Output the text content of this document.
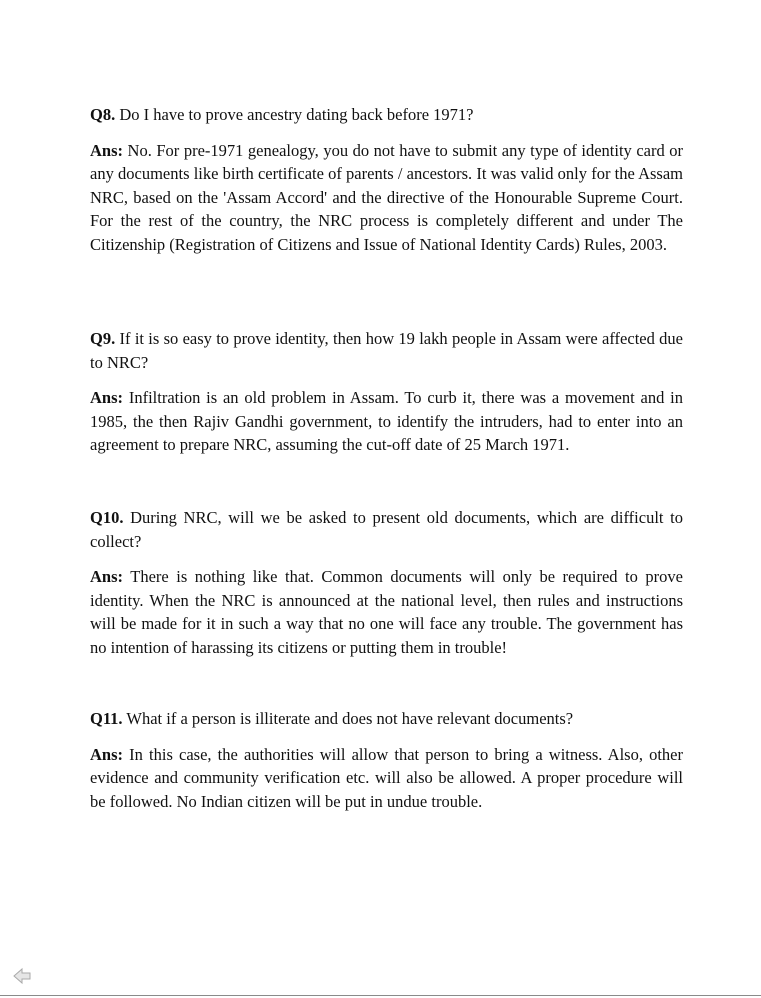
Q8. Do I have to prove ancestry dating back before 1971?

Ans: No. For pre-1971 genealogy, you do not have to submit any type of identity card or any documents like birth certificate of parents / ancestors. It was valid only for the Assam NRC, based on the 'Assam Accord' and the directive of the Honourable Supreme Court. For the rest of the country, the NRC process is completely different and under The Citizenship (Registration of Citizens and Issue of National Identity Cards) Rules, 2003.

Q9. If it is so easy to prove identity, then how 19 lakh people in Assam were affected due to NRC?

Ans: Infiltration is an old problem in Assam. To curb it, there was a movement and in 1985, the then Rajiv Gandhi government, to identify the intruders, had to enter into an agreement to prepare NRC, assuming the cut-off date of 25 March 1971.

Q10. During NRC, will we be asked to present old documents, which are difficult to collect?

Ans: There is nothing like that. Common documents will only be required to prove identity. When the NRC is announced at the national level, then rules and instructions will be made for it in such a way that no one will face any trouble. The government has no intention of harassing its citizens or putting them in trouble!

Q11. What if a person is illiterate and does not have relevant documents?

Ans: In this case, the authorities will allow that person to bring a witness. Also, other evidence and community verification etc. will also be allowed. A proper procedure will be followed. No Indian citizen will be put in undue trouble.
